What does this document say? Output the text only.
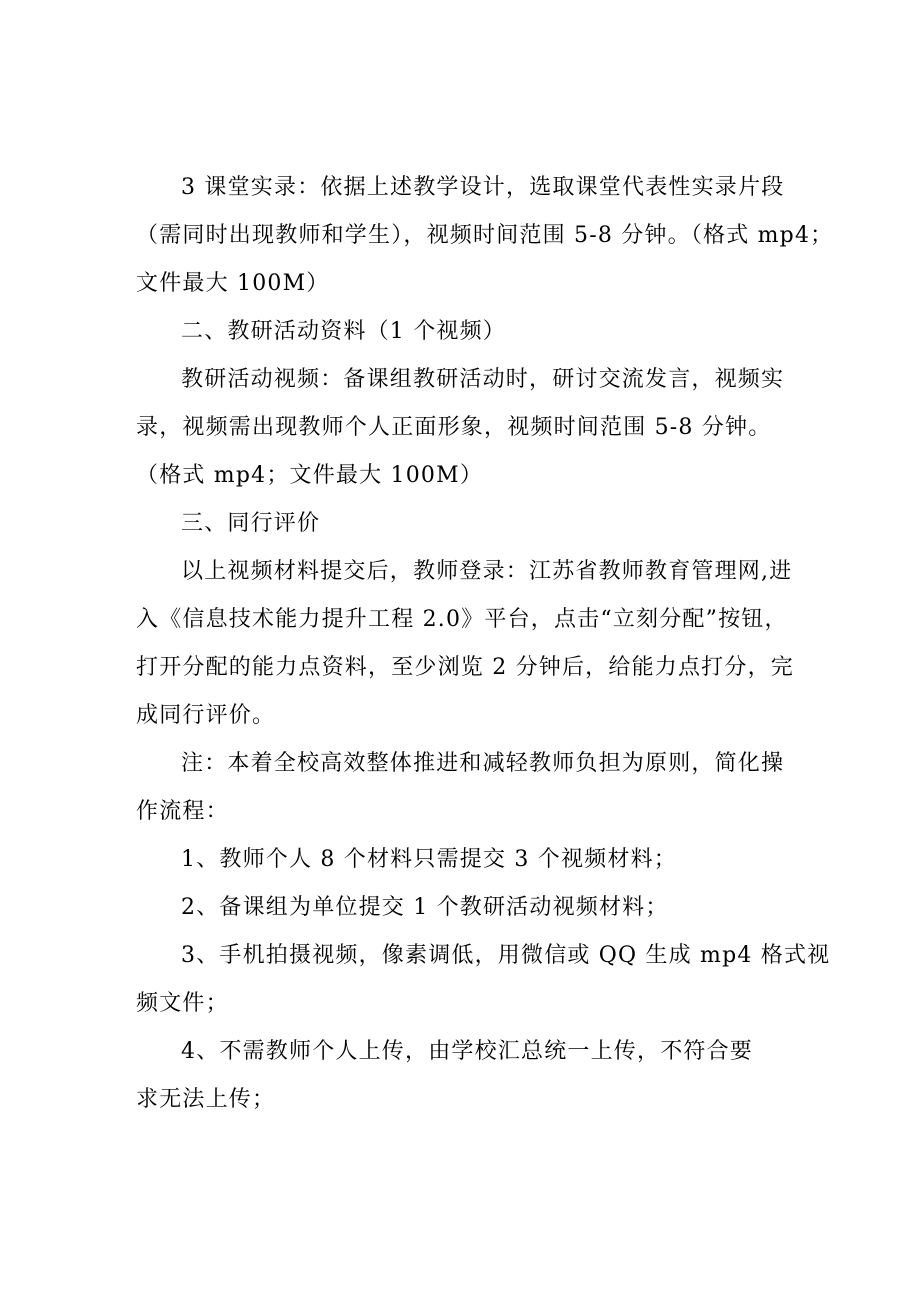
3 课堂实录：依据上述教学设计，选取课堂代表性实录片段
（需同时出现教师和学生），视频时间范围 5-8 分钟。（格式 mp4；
文件最大 100M）
二、教研活动资料（1 个视频）
教研活动视频：备课组教研活动时，研讨交流发言，视频实
录，视频需出现教师个人正面形象，视频时间范围 5-8 分钟。
（格式 mp4；文件最大 100M）
三、同行评价
以上视频材料提交后，教师登录：江苏省教师教育管理网,进
入《信息技术能力提升工程 2.0》平台，点击“立刻分配”按钮，
打开分配的能力点资料，至少浏览 2 分钟后，给能力点打分，完
成同行评价。
注：本着全校高效整体推进和减轻教师负担为原则，简化操
作流程：
1、教师个人 8 个材料只需提交 3 个视频材料；
2、备课组为单位提交 1 个教研活动视频材料；
3、手机拍摄视频，像素调低，用微信或 QQ 生成 mp4 格式视
频文件；
4、不需教师个人上传，由学校汇总统一上传，不符合要
求无法上传；
